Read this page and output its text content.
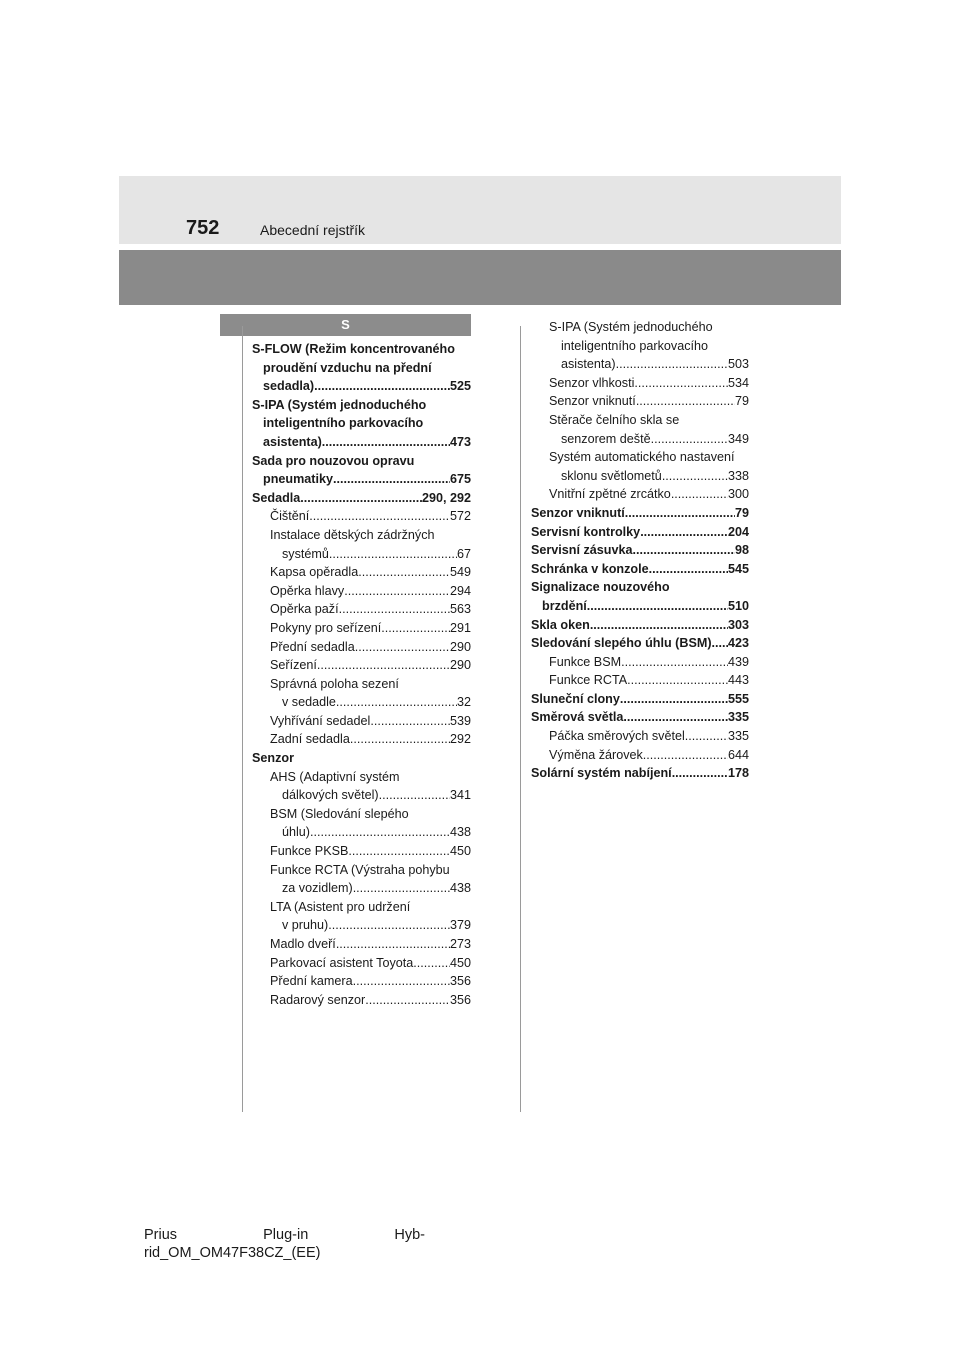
752	Abecední rejstřík
S
S-FLOW (Režim koncentrovaného
proudění vzduchu na přední
sedadla) .....	525
S-IPA (Systém jednoduchého
inteligentního parkovacího
asistenta) .....	473
Sada pro nouzovou opravu
pneumatiky .....	675
Sedadla .....	290, 292
Čištění .....	572
Instalace dětských zádržných
systémů .....	67
Kapsa opěradla .....	549
Opěrka hlavy .....	294
Opěrka paží .....	563
Pokyny pro seřízení .....	291
Přední sedadla .....	290
Seřízení .....	290
Správná poloha sezení
v sedadle .....	32
Vyhřívání sedadel .....	539
Zadní sedadla .....	292
Senzor
AHS (Adaptivní systém
dálkových světel) .....	341
BSM (Sledování slepého
úhlu) .....	438
Funkce PKSB .....	450
Funkce RCTA (Výstraha pohybu
za vozidlem) .....	438
LTA (Asistent pro udržení
v pruhu) .....	379
Madlo dveří .....	273
Parkovací asistent Toyota .....	450
Přední kamera .....	356
Radarový senzor .....	356
S-IPA (Systém jednoduchého
inteligentního parkovacího
asistenta) .....	503
Senzor vlhkosti .....	534
Senzor vniknutí .....	79
Stěrače čelního skla se
senzorem deště .....	349
Systém automatického nastavení
sklonu světlometů .....	338
Vnitřní zpětné zrcátko .....	300
Senzor vniknutí .....	79
Servisní kontrolky .....	204
Servisní zásuvka .....	98
Schránka v konzole .....	545
Signalizace nouzového
brzdění .....	510
Skla oken .....	303
Sledování slepého úhlu (BSM) ..... 423
Funkce BSM .....	439
Funkce RCTA .....	443
Sluneční clony .....	555
Směrová světla .....	335
Páčka směrových světel .....	335
Výměna žárovek .....	644
Solární systém nabíjení .....	178
Prius	Plug-in	Hyb-
rid_OM_OM47F38CZ_(EE)
